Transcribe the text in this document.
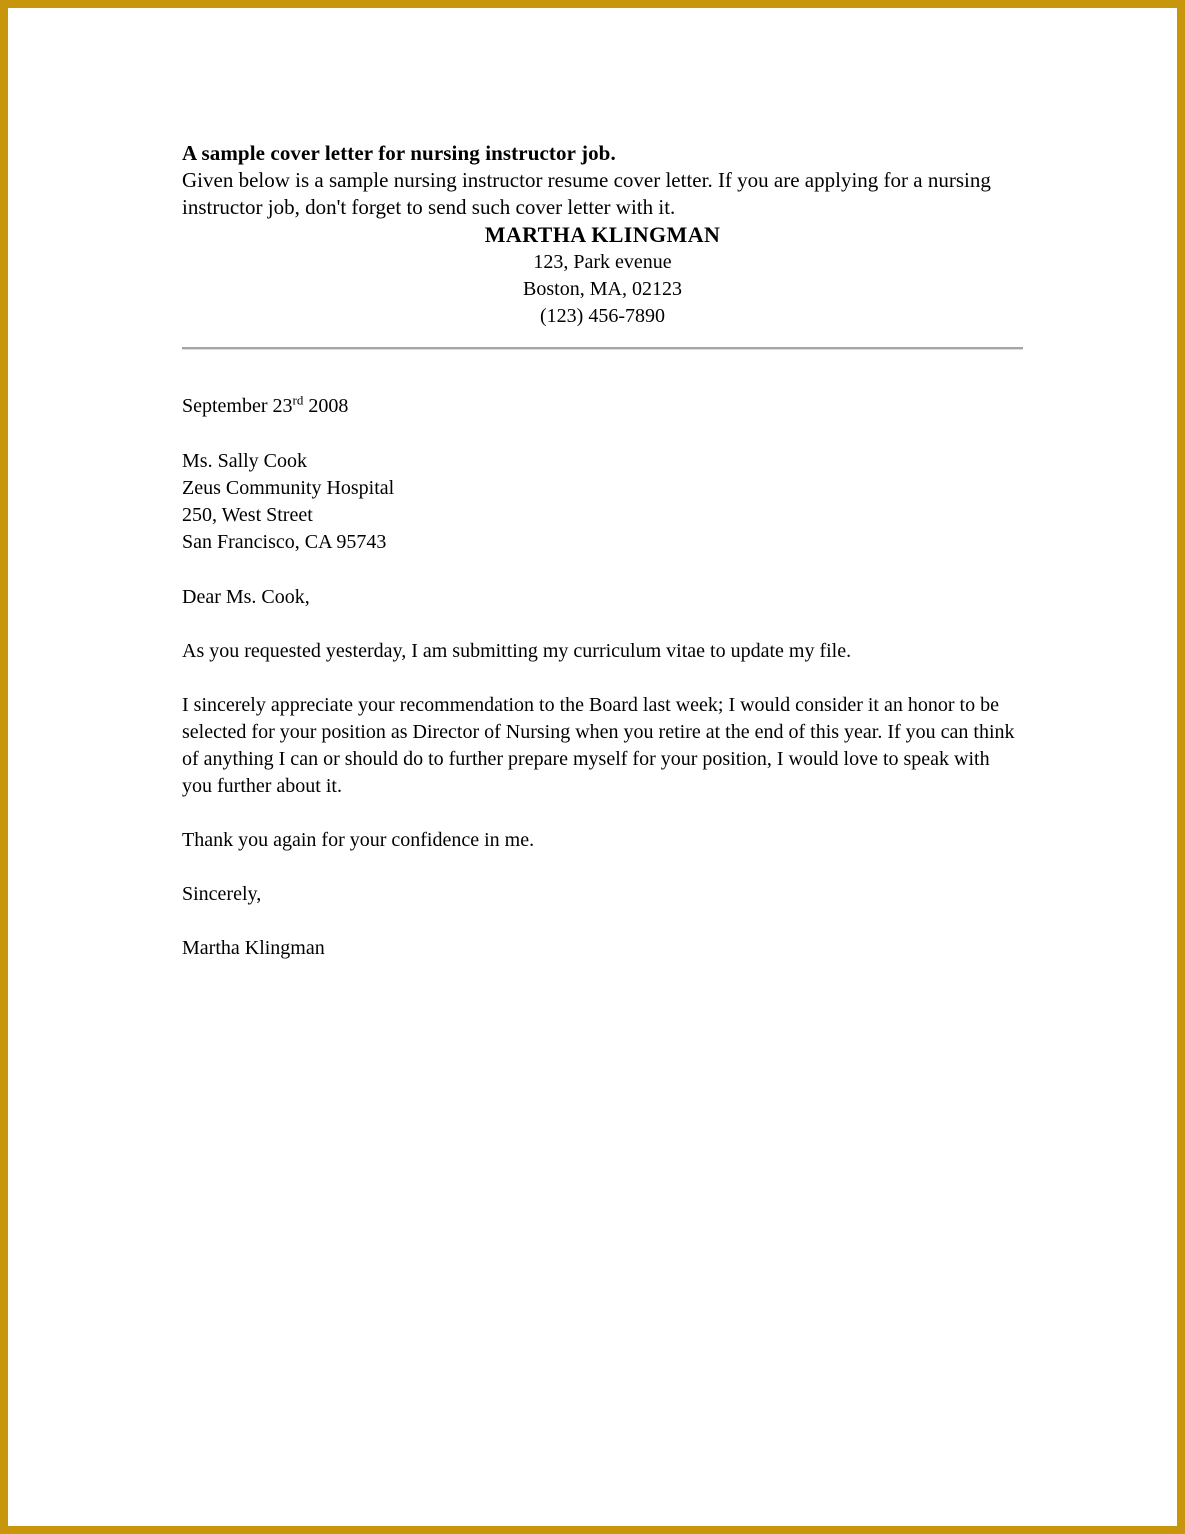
A sample cover letter for nursing instructor job.
Given below is a sample nursing instructor resume cover letter. If you are applying for a nursing instructor job, don't forget to send such cover letter with it.
MARTHA KLINGMAN
123, Park evenue
Boston, MA, 02123
(123) 456-7890
September 23rd 2008
Ms. Sally Cook
Zeus Community Hospital
250, West Street
San Francisco, CA 95743
Dear Ms. Cook,
As you requested yesterday, I am submitting my curriculum vitae to update my file.
I sincerely appreciate your recommendation to the Board last week; I would consider it an honor to be selected for your position as Director of Nursing when you retire at the end of this year. If you can think of anything I can or should do to further prepare myself for your position, I would love to speak with you further about it.
Thank you again for your confidence in me.
Sincerely,
Martha Klingman
